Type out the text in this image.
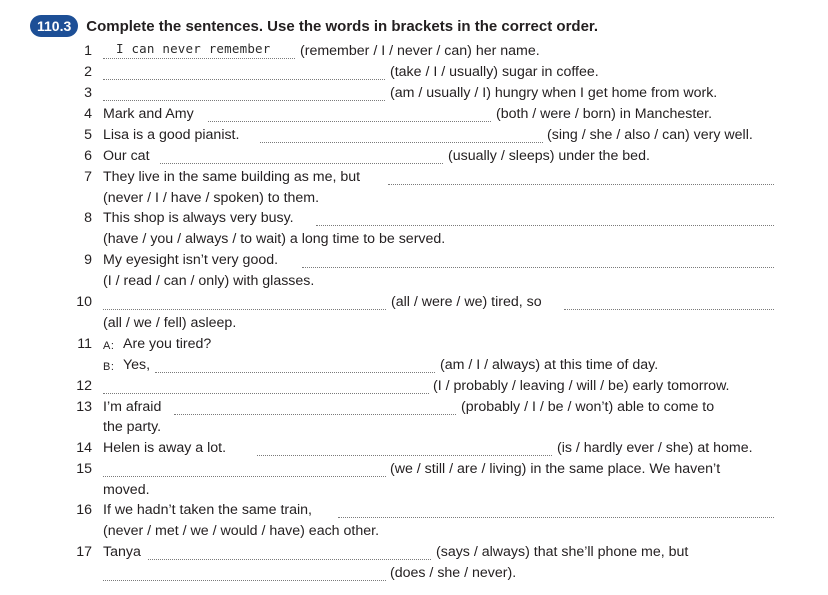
110.3	Complete the sentences. Use the words in brackets in the correct order.
1 I can never remember (remember / I / never / can) her name.
2	(take / I / usually) sugar in coffee.
3	(am / usually / I) hungry when I get home from work.
4 Mark and Amy	(both / were / born) in Manchester.
5 Lisa is a good pianist.	(sing / she / also / can) very well.
6 Our cat	(usually / sleeps) under the bed.
7 They live in the same building as me, but
(never / I / have / spoken) to them.
8 This shop is always very busy.
(have / you / always / to wait) a long time to be served.
9 My eyesight isn’t very good.
(I / read / can / only) with glasses.
10	(all / were / we) tired, so
(all / we / fell) asleep.
11 A: Are you tired?
B: Yes,	(am / I / always) at this time of day.
12	(I / probably / leaving / will / be) early tomorrow.
13 I’m afraid	(probably / I / be / won’t) able to come to
the party.
14 Helen is away a lot.	(is / hardly ever / she) at home.
15	(we / still / are / living) in the same place. We haven’t
moved.
16 If we hadn’t taken the same train,
(never / met / we / would / have) each other.
17 Tanya	(says / always) that she’ll phone me, but
(does / she / never).
